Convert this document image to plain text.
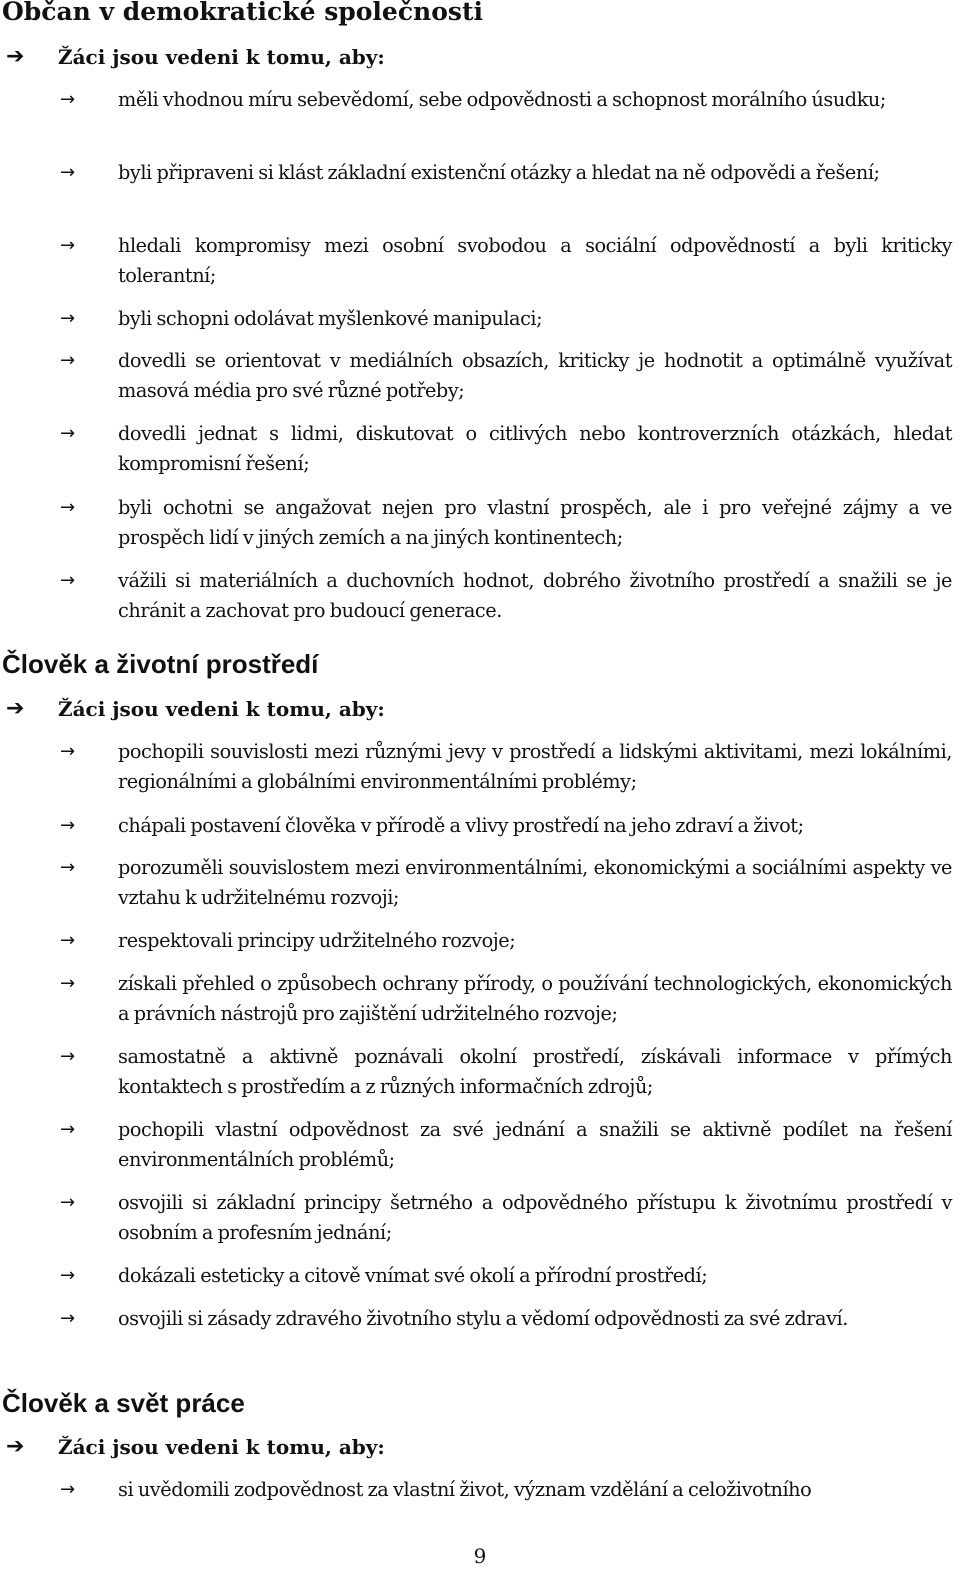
Občan v demokratické společnosti
➔ Žáci jsou vedeni k tomu, aby:
→ měli vhodnou míru sebevědomí, sebe odpovědnosti a schopnost morálního úsudku;
→ byli připraveni si klást základní existenční otázky a hledat na ně odpovědi a řešení;
→ hledali kompromisy mezi osobní svobodou a sociální odpovědností a byli kriticky tolerantní;
→ byli schopni odolávat myšlenkové manipulaci;
→ dovedli se orientovat v mediálních obsazích, kriticky je hodnotit a optimálně využívat masová média pro své různé potřeby;
→ dovedli jednat s lidmi, diskutovat o citlivých nebo kontroverzních otázkách, hledat kompromisní řešení;
→ byli ochotni se angažovat nejen pro vlastní prospěch, ale i pro veřejné zájmy a ve prospěch lidí v jiných zemích a na jiných kontinentech;
→ vážili si materiálních a duchovních hodnot, dobrého životního prostředí a snažili se je chránit a zachovat pro budoucí generace.
Člověk a životní prostředí
➔ Žáci jsou vedeni k tomu, aby:
→ pochopili souvislosti mezi různými jevy v prostředí a lidskými aktivitami, mezi lokálními, regionálními a globálními environmentálními problémy;
→ chápali postavení člověka v přírodě a vlivy prostředí na jeho zdraví a život;
→ porozuměli souvislostem mezi environmentálními, ekonomickými a sociálními aspekty ve vztahu k udržitelnému rozvoji;
→ respektovali principy udržitelného rozvoje;
→ získali přehled o způsobech ochrany přírody, o používání technologických, ekonomických a právních nástrojů pro zajištění udržitelného rozvoje;
→ samostatně a aktivně poznávali okolní prostředí, získávali informace v přímých kontaktech s prostředím a z různých informačních zdrojů;
→ pochopili vlastní odpovědnost za své jednání a snažili se aktivně podílet na řešení environmentálních problémů;
→ osvojili si základní principy šetrného a odpovědného přístupu k životnímu prostředí v osobním a profesním jednání;
→ dokázali esteticky a citově vnímat své okolí a přírodní prostředí;
→ osvojili si zásady zdravého životního stylu a vědomí odpovědnosti za své zdraví.
Člověk a svět práce
➔ Žáci jsou vedeni k tomu, aby:
→ si uvědomili zodpovědnost za vlastní život, význam vzdělání a celoživotního
9
